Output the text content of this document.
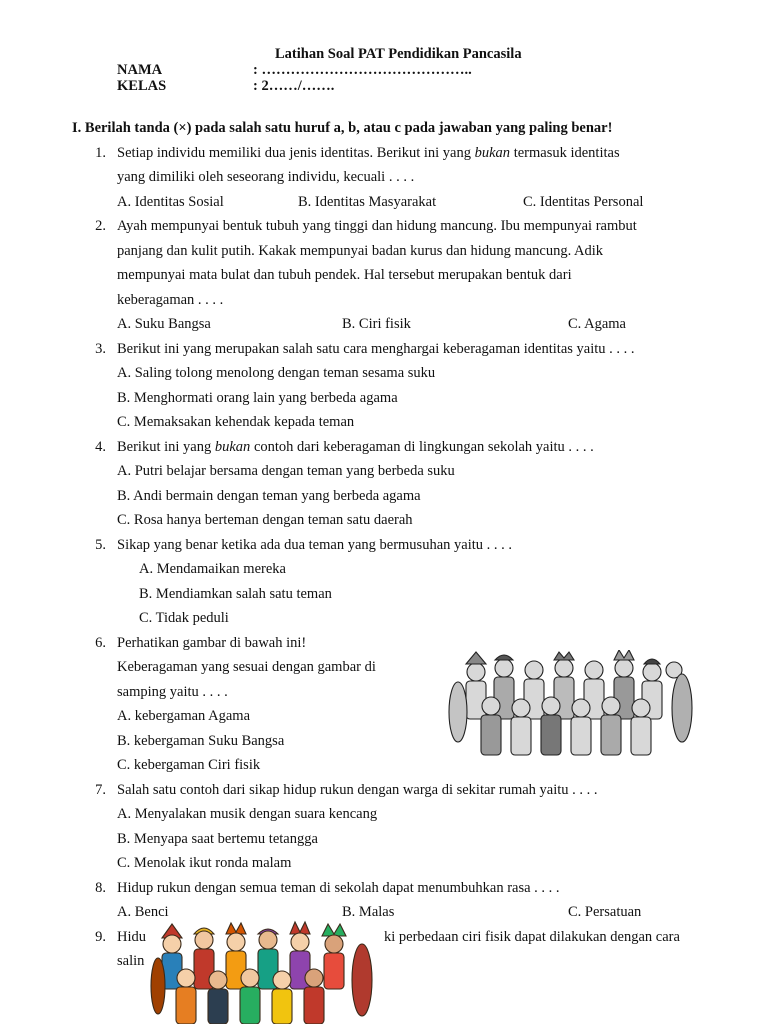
Latihan Soal PAT Pendidikan Pancasila
NAMA	: ……………………………………..
KELAS	: 2……/…….
I. Berilah tanda (×) pada salah satu huruf a, b, atau c pada jawaban yang paling benar!
1. Setiap individu memiliki dua jenis identitas. Berikut ini yang bukan termasuk identitas
yang dimiliki oleh seseorang individu, kecuali . . . .
A. Identitas Sosial	B. Identitas Masyarakat	C. Identitas Personal
2. Ayah mempunyai bentuk tubuh yang tinggi dan hidung mancung. Ibu mempunyai rambut
panjang dan kulit putih. Kakak mempunyai badan kurus dan hidung mancung. Adik
mempunyai mata bulat dan tubuh pendek. Hal tersebut merupakan bentuk dari
keberagaman . . . .
A. Suku Bangsa	B. Ciri fisik	C. Agama
3. Berikut ini yang merupakan salah satu cara menghargai keberagaman identitas yaitu . . . .
A. Saling tolong menolong dengan teman sesama suku
B. Menghormati orang lain yang berbeda agama
C. Memaksakan kehendak kepada teman
4. Berikut ini yang bukan contoh dari keberagaman di lingkungan sekolah yaitu . . . .
A. Putri belajar bersama dengan teman yang berbeda suku
B. Andi bermain dengan teman yang berbeda agama
C. Rosa hanya berteman dengan teman satu daerah
5. Sikap yang benar ketika ada dua teman yang bermusuhan yaitu . . . .
A. Mendamaikan mereka
B. Mendiamkan salah satu teman
C. Tidak peduli
6. Perhatikan gambar di bawah ini!
Keberagaman yang sesuai dengan gambar di
samping yaitu . . . .
A. kebergaman Agama
B. kebergaman Suku Bangsa
C. kebergaman Ciri fisik
7. Salah satu contoh dari sikap hidup rukun dengan warga di sekitar rumah yaitu . . . .
A. Menyalakan musik dengan suara kencang
B. Menyapa saat bertemu tetangga
C. Menolak ikut ronda malam
8. Hidup rukun dengan semua teman di sekolah dapat menumbuhkan rasa . . . .
A. Benci	B. Malas	C. Persatuan
9. Hidu	ki perbedaan ciri fisik dapat dilakukan dengan cara
salin
